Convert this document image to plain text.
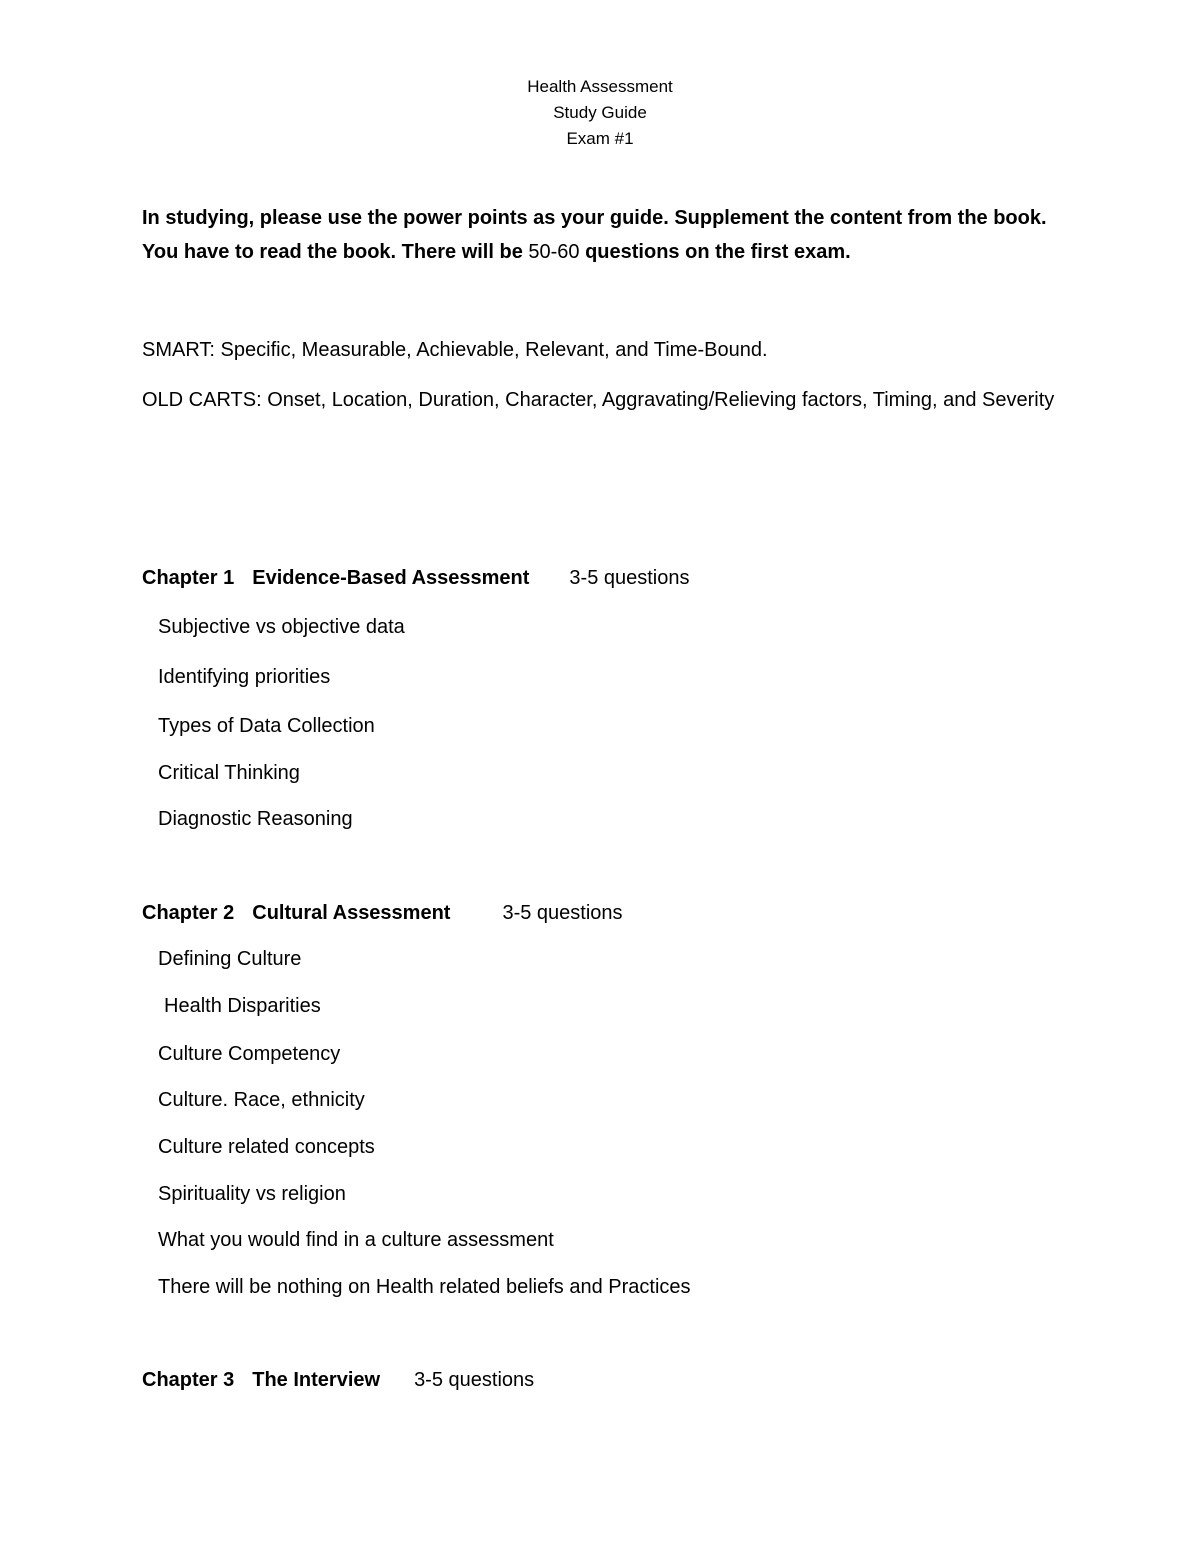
Health Assessment
Study Guide
Exam #1
In studying, please use the power points as your guide. Supplement the content from the book. You have to read the book. There will be 50-60 questions on the first exam.
SMART: Specific, Measurable, Achievable, Relevant, and Time-Bound.
OLD CARTS: Onset, Location, Duration, Character, Aggravating/Relieving factors, Timing, and Severity
Chapter 1 Evidence-Based Assessment 3-5 questions
Subjective vs objective data
Identifying priorities
Types of Data Collection
Critical Thinking
Diagnostic Reasoning
Chapter 2 Cultural Assessment	3-5 questions
Defining Culture
Health Disparities
Culture Competency
Culture. Race, ethnicity
Culture related concepts
Spirituality vs religion
What you would find in a culture assessment
There will be nothing on Health related beliefs and Practices
Chapter 3 The Interview 3-5 questions
